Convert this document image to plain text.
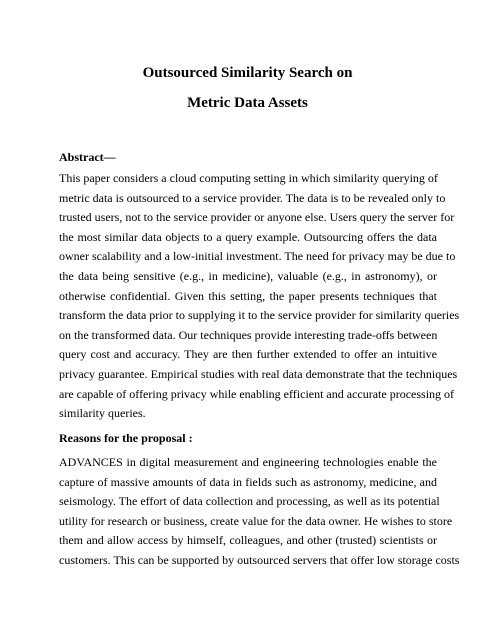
Outsourced Similarity Search on
Metric Data Assets
Abstract—
This paper considers a cloud computing setting in which similarity querying of
metric data is outsourced to a service provider. The data is to be revealed only to
trusted users, not to the service provider or anyone else. Users query the server for
the most similar data objects to a query example. Outsourcing offers the data
owner scalability and a low-initial investment. The need for privacy may be due to
the data being sensitive (e.g., in medicine), valuable (e.g., in astronomy), or
otherwise confidential. Given this setting, the paper presents techniques that
transform the data prior to supplying it to the service provider for similarity queries
on the transformed data. Our techniques provide interesting trade-offs between
query cost and accuracy. They are then further extended to offer an intuitive
privacy guarantee. Empirical studies with real data demonstrate that the techniques
are capable of offering privacy while enabling efficient and accurate processing of
similarity queries.
Reasons for the proposal :
ADVANCES in digital measurement and engineering technologies enable the
capture of massive amounts of data in fields such as astronomy, medicine, and
seismology. The effort of data collection and processing, as well as its potential
utility for research or business, create value for the data owner. He wishes to store
them and allow access by himself, colleagues, and other (trusted) scientists or
customers. This can be supported by outsourced servers that offer low storage costs
